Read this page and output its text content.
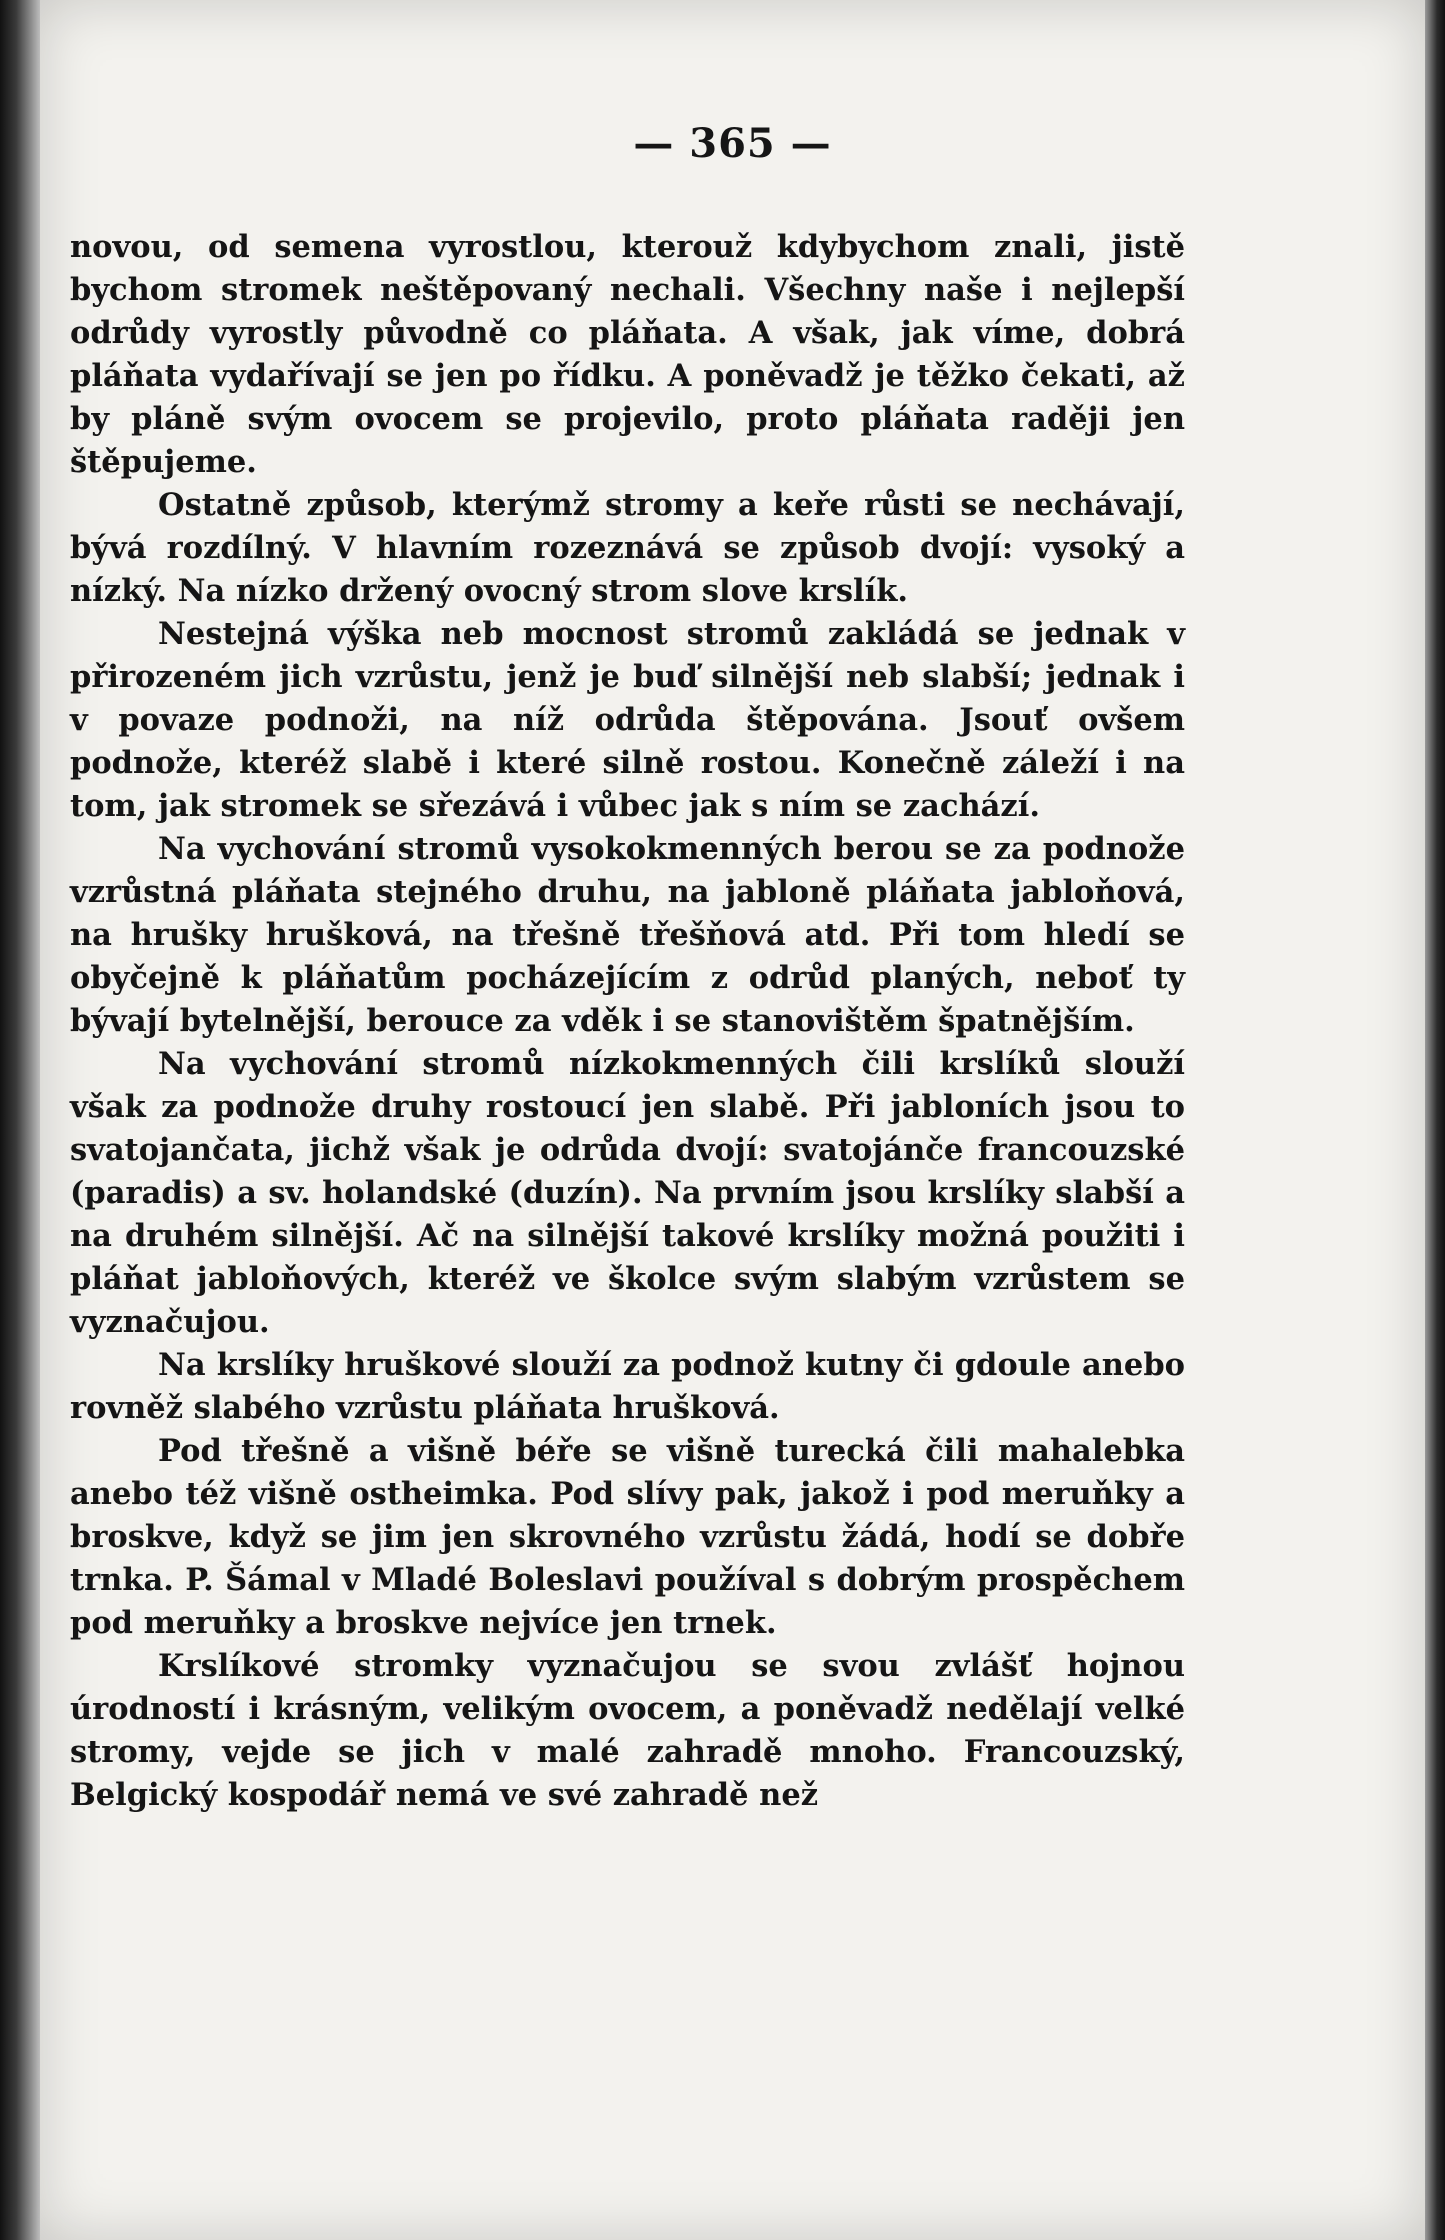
— 365 —

novou, od semena vyrostlou, kterouž kdybychom znali, jistě bychom stromek neštěpovaný nechali. Všechny naše i nejlepší odrůdy vyrostly původně co pláňata. A však, jak víme, dobrá pláňata vydařívají se jen po řídku. A poněvadž je těžko čekati, až by pláně svým ovocem se projevilo, proto pláňata raději jen štěpujeme.

Ostatně způsob, kterýmž stromy a keře růsti se nechávají, bývá rozdílný. V hlavním rozeznává se způsob dvojí: vysoký a nízký. Na nízko držený ovocný strom slove krslík.

Nestejná výška neb mocnost stromů zakládá se jednak v přirozeném jich vzrůstu, jenž je buď silnější neb slabší; jednak i v povaze podnoži, na níž odrůda štěpována. Jsouť ovšem podnože, kteréž slabě i které silně rostou. Konečně záleží i na tom, jak stromek se sřezává i vůbec jak s ním se zachází.

Na vychování stromů vysokokmenných berou se za podnože vzrůstná pláňata stejného druhu, na jabloně pláňata jabloňová, na hrušky hrušková, na třešně třešňová atd. Při tom hledí se obyčejně k pláňatům pocházejícím z odrůd planých, neboť ty bývají bytelnější, berouce za vděk i se stanovištěm špatnějším.

Na vychování stromů nízkokmenných čili krslíků slouží však za podnože druhy rostoucí jen slabě. Při jabloních jsou to svatojančata, jichž však je odrůda dvojí: svatojánče francouzské (paradis) a sv. holandské (duzín). Na prvním jsou krslíky slabší a na druhém silnější. Ač na silnější takové krslíky možná použiti i pláňat jabloňových, kteréž ve školce svým slabým vzrůstem se vyznačujou.

Na krslíky hruškové slouží za podnož kutny či gdoule anebo rovněž slabého vzrůstu pláňata hrušková.

Pod třešně a višně béře se višně turecká čili mahalebka anebo též višně ostheimka. Pod slívy pak, jakož i pod meruňky a broskve, když se jim jen skrovného vzrůstu žádá, hodí se dobře trnka. P. Šámal v Mladé Boleslavi používal s dobrým prospěchem pod meruňky a broskve nejvíce jen trnek.

Krslíkové stromky vyznačujou se svou zvlášť hojnou úrodností i krásným, velikým ovocem, a poněvadž nedělají velké stromy, vejde se jich v malé zahradě mnoho. Francouzský, Belgický kospodář nemá ve své zahradě než
